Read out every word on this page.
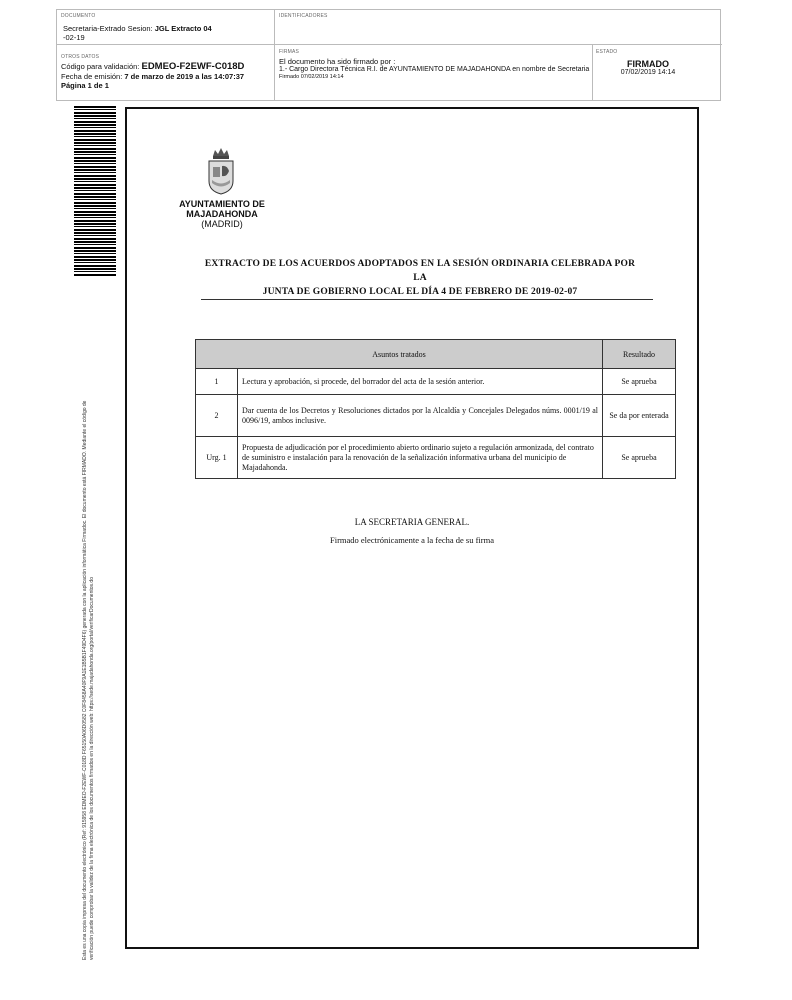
DOCUMENTO
Secretaria-Extrado Sesion: JGL Extracto 04
-02-19
IDENTIFICADORES
OTROS DATOS
Código para validación: EDMEO-F2EWF-C018D
Fecha de emisión: 7 de marzo de 2019 a las 14:07:37
Página 1 de 1
FIRMAS
El documento ha sido firmado por :
1.- Cargo Directora Técnica R.I. de AYUNTAMIENTO DE MAJADAHONDA en nombre de Secretaria
Firmado 07/02/2019 14:14
ESTADO
FIRMADO
07/02/2019 14:14
Esta es una copia impresa del documento electrónico (Ref: 915958 EDMEO-F2EWF-C018D F65150A06D0582 C0F8458A40F9A1E1B5B1F49D4F6) generada con la aplicación informática Firmadoc. El documento está FIRMADO. Mediante el código de verificación puede comprobar la validez de la firma electrónica de los documentos firmados en la dirección web: https://sede.majadahonda.org/portal/verificarDocumentos.do
AYUNTAMIENTO DE
MAJADAHONDA
(MADRID)
EXTRACTO DE LOS ACUERDOS ADOPTADOS EN LA SESIÓN ORDINARIA CELEBRADA POR LA
JUNTA DE GOBIERNO LOCAL EL DÍA 4 DE FEBRERO DE 2019-02-07
Asuntos tratados		Resultado
1	Lectura y aprobación, si procede, del borrador del acta de la sesión anterior.	Se aprueba
2	Dar cuenta de los Decretos y Resoluciones dictados por la Alcaldía y Concejales Delegados núms. 0001/19 al 0096/19, ambos inclusive.	Se da por enterada
Urg. 1	Propuesta de adjudicación por el procedimiento abierto ordinario sujeto a regulación armonizada, del contrato de suministro e instalación para la renovación de la señalización informativa urbana del municipio de Majadahonda.	Se aprueba
LA SECRETARIA GENERAL.
Firmado electrónicamente a la fecha de su firma
